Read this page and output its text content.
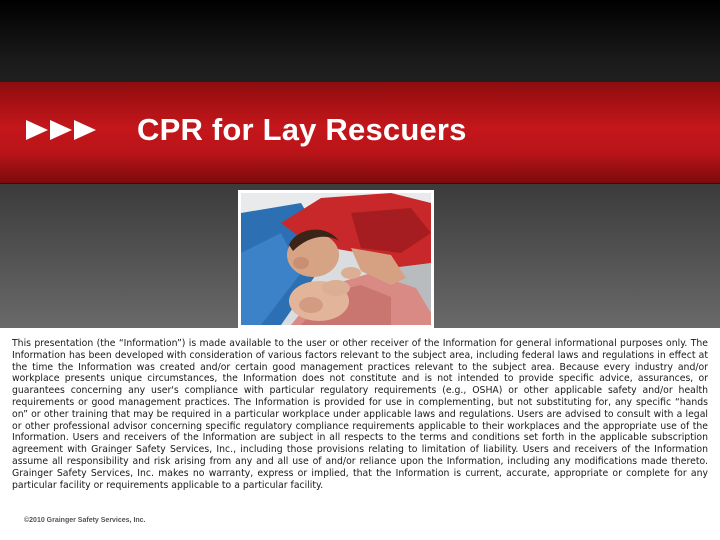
CPR for Lay Rescuers
This presentation (the “Information”) is made available to the user or other receiver of the Information for general informational purposes only. The Information has been developed with consideration of various factors relevant to the subject area, including federal laws and regulations in effect at the time the Information was created and/or certain good management practices relevant to the subject area. Because every industry and/or workplace presents unique circumstances, the Information does not constitute and is not intended to provide specific advice, assurances, or guarantees concerning any user's compliance with particular regulatory requirements (e.g., OSHA) or other applicable safety and/or health requirements or good management practices. The Information is provided for use in complementing, but not substituting for, any specific “hands on” or other training that may be required in a particular workplace under applicable laws and regulations. Users are advised to consult with a legal or other professional advisor concerning specific regulatory compliance requirements applicable to their workplaces and the appropriate use of the Information. Users and receivers of the Information are subject in all respects to the terms and conditions set forth in the applicable subscription agreement with Grainger Safety Services, Inc., including those provisions relating to limitation of liability. Users and receivers of the Information assume all responsibility and risk arising from any and all use of and/or reliance upon the Information, including any modifications made thereto. Grainger Safety Services, Inc. makes no warranty, express or implied, that the Information is current, accurate, appropriate or complete for any particular facility or requirements applicable to a particular facility.
©2010 Grainger Safety Services, Inc.
